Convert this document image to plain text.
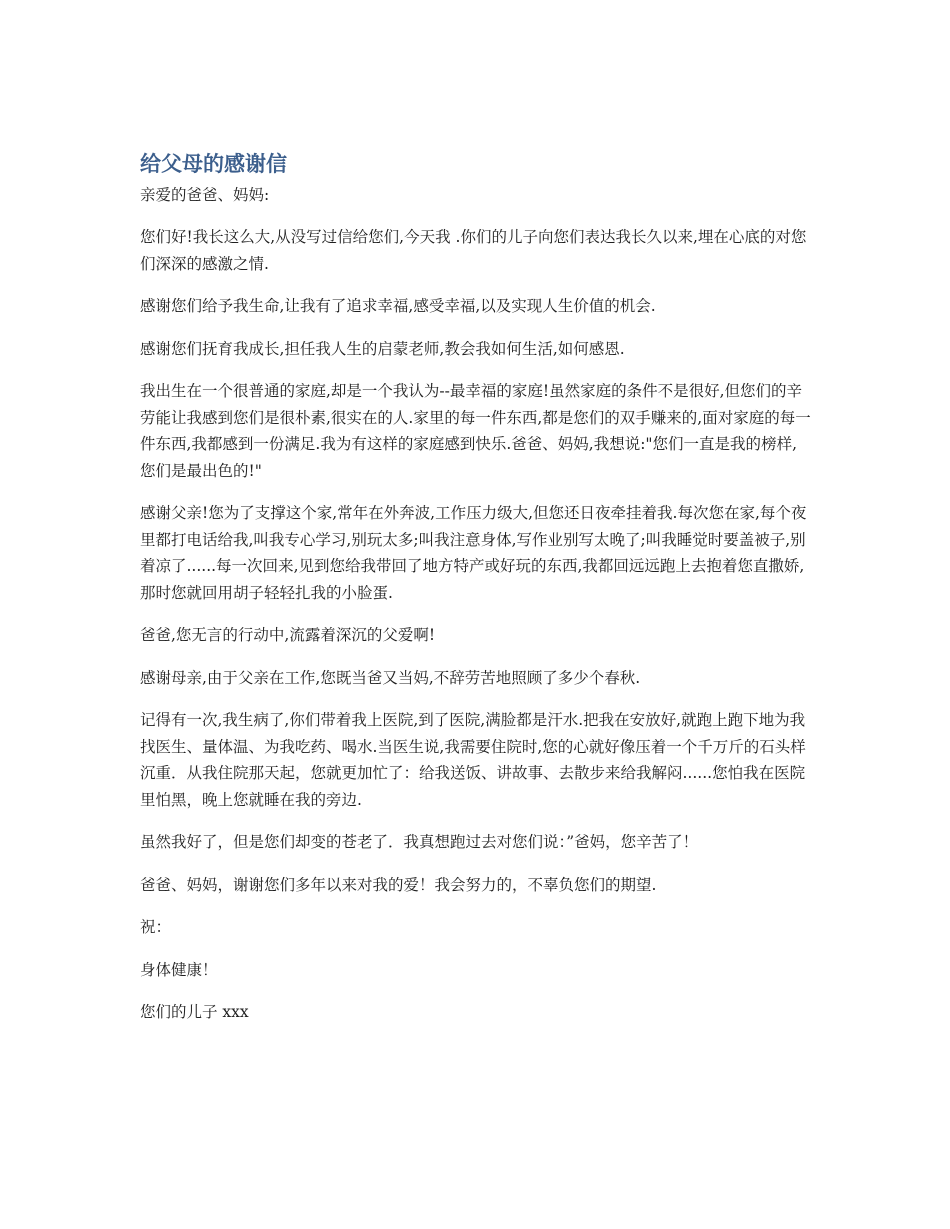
给父母的感谢信

亲爱的爸爸、妈妈:

您们好!我长这么大,从没写过信给您们,今天我 .你们的儿子向您们表达我长久以来,埋在心底的对您们深深的感激之情.

感谢您们给予我生命,让我有了追求幸福,感受幸福,以及实现人生价值的机会.

感谢您们抚育我成长,担任我人生的启蒙老师,教会我如何生活,如何感恩.

我出生在一个很普通的家庭,却是一个我认为--最幸福的家庭!虽然家庭的条件不是很好,但您们的辛劳能让我感到您们是很朴素,很实在的人.家里的每一件东西,都是您们的双手赚来的,面对家庭的每一件东西,我都感到一份满足.我为有这样的家庭感到快乐.爸爸、妈妈,我想说:"您们一直是我的榜样,您们是最出色的!"

感谢父亲!您为了支撑这个家,常年在外奔波,工作压力级大,但您还日夜牵挂着我.每次您在家,每个夜里都打电话给我,叫我专心学习,别玩太多;叫我注意身体,写作业别写太晚了;叫我睡觉时要盖被子,别着凉了......每一次回来,见到您给我带回了地方特产或好玩的东西,我都回远远跑上去抱着您直撒娇,那时您就回用胡子轻轻扎我的小脸蛋.

爸爸,您无言的行动中,流露着深沉的父爱啊!

感谢母亲,由于父亲在工作,您既当爸又当妈,不辞劳苦地照顾了多少个春秋.

记得有一次,我生病了,你们带着我上医院,到了医院,满脸都是汗水.把我在安放好,就跑上跑下地为我找医生、量体温、为我吃药、喝水.当医生说,我需要住院时,您的心就好像压着一个千万斤的石头样沉重．从我住院那天起，您就更加忙了：给我送饭、讲故事、去散步来给我解闷......您怕我在医院里怕黑，晚上您就睡在我的旁边.

虽然我好了，但是您们却变的苍老了．我真想跑过去对您们说：”爸妈，您辛苦了！

爸爸、妈妈，谢谢您们多年以来对我的爱！我会努力的，不辜负您们的期望.

祝：

身体健康！

您们的儿子 xxx
